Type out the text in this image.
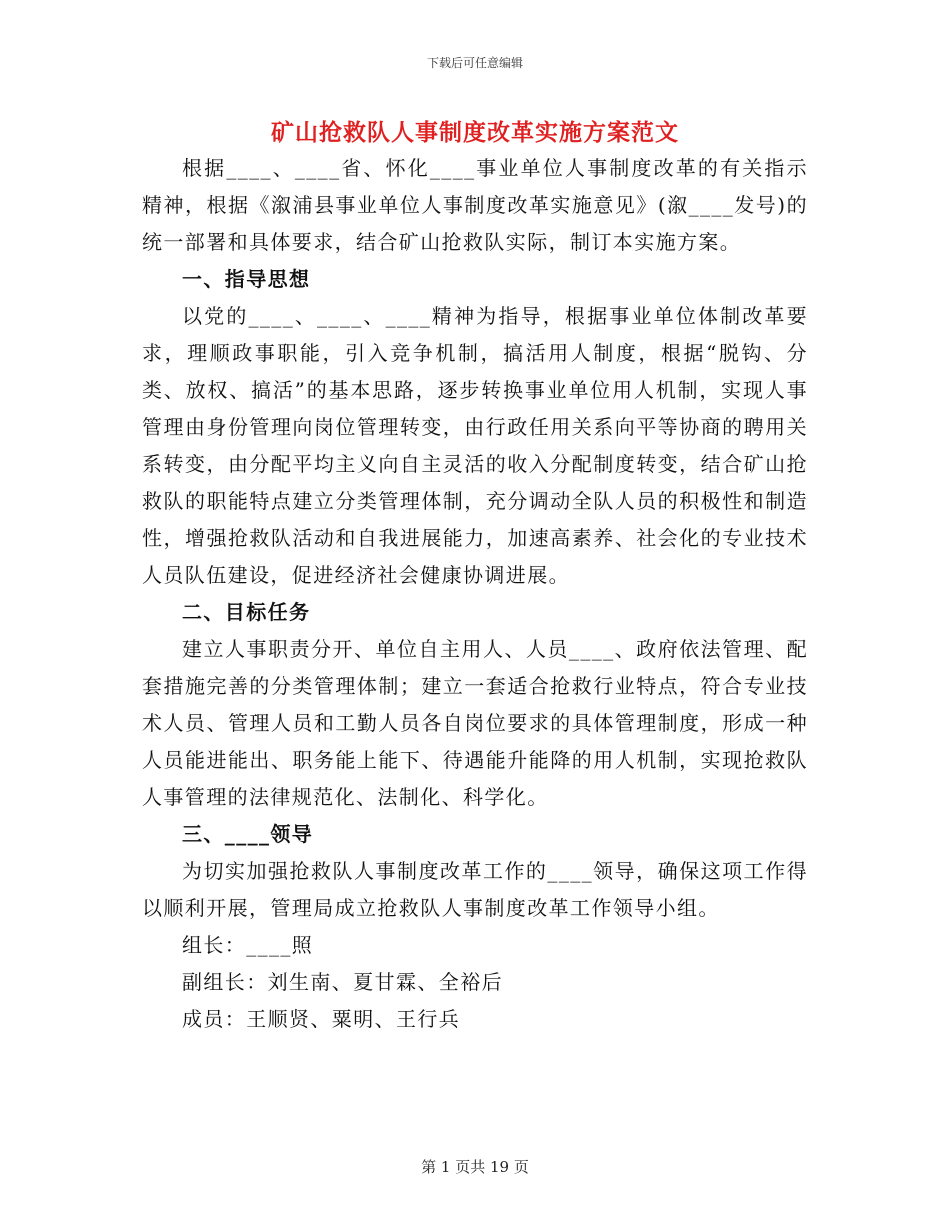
下载后可任意编辑
矿山抢救队人事制度改革实施方案范文

根据____、____省、怀化____事业单位人事制度改革的有关指示精神，根据《溆浦县事业单位人事制度改革实施意见》(溆____发号)的统一部署和具体要求，结合矿山抢救队实际，制订本实施方案。

一、指导思想

以党的____、____、____精神为指导，根据事业单位体制改革要求，理顺政事职能，引入竞争机制，搞活用人制度，根据“脱钩、分类、放权、搞活”的基本思路，逐步转换事业单位用人机制，实现人事管理由身份管理向岗位管理转变，由行政任用关系向平等协商的聘用关系转变，由分配平均主义向自主灵活的收入分配制度转变，结合矿山抢救队的职能特点建立分类管理体制，充分调动全队人员的积极性和制造性，增强抢救队活动和自我进展能力，加速高素养、社会化的专业技术人员队伍建设，促进经济社会健康协调进展。

二、目标任务

建立人事职责分开、单位自主用人、人员____、政府依法管理、配套措施完善的分类管理体制；建立一套适合抢救行业特点，符合专业技术人员、管理人员和工勤人员各自岗位要求的具体管理制度，形成一种人员能进能出、职务能上能下、待遇能升能降的用人机制，实现抢救队人事管理的法律规范化、法制化、科学化。

三、____领导

为切实加强抢救队人事制度改革工作的____领导，确保这项工作得以顺利开展，管理局成立抢救队人事制度改革工作领导小组。

组长：____照

副组长：刘生南、夏甘霖、全裕后

成员：王顺贤、粟明、王行兵

第 1 页共 19 页
